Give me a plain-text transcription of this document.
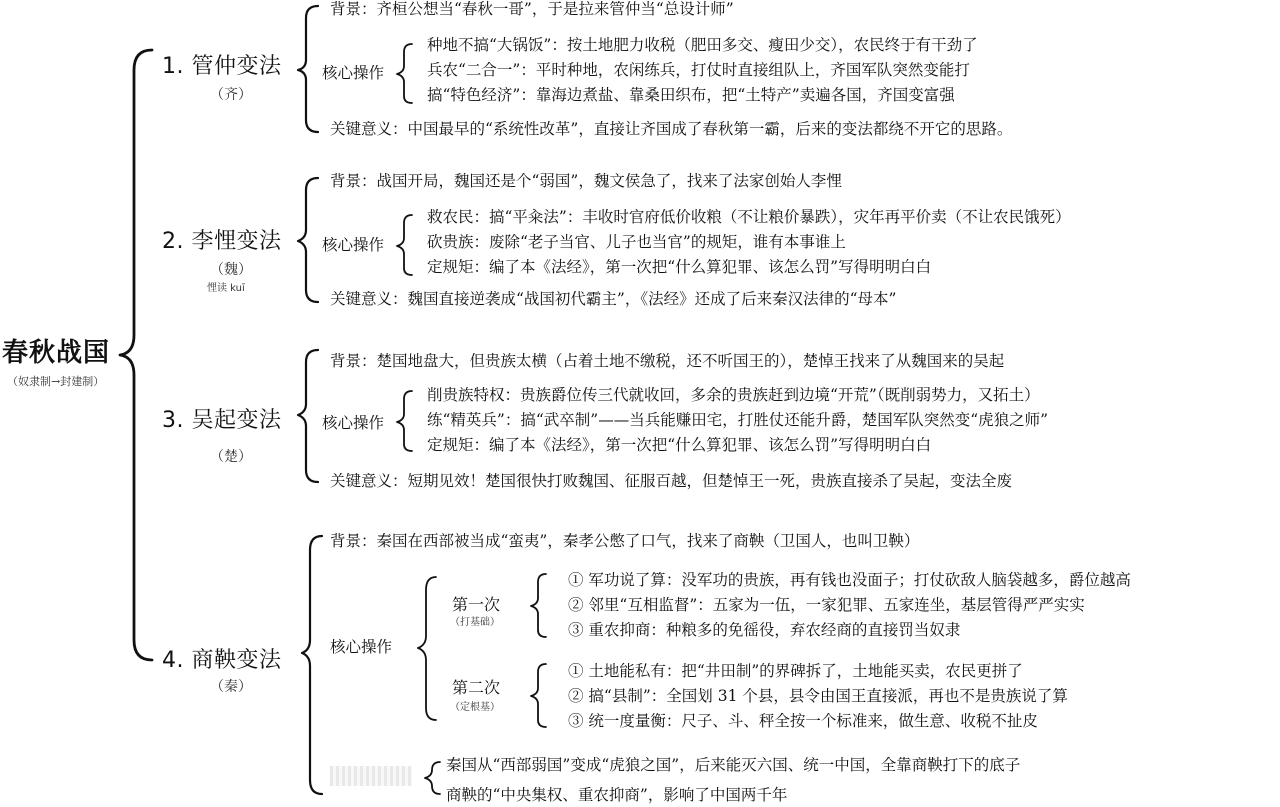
春秋战国
（奴隶制→封建制）
1. 管仲变法
（齐）
背景：齐桓公想当“春秋一哥”，于是拉来管仲当“总设计师”
核心操作
种地不搞“大锅饭”：按土地肥力收税（肥田多交、瘦田少交），农民终于有干劲了
兵农“二合一”：平时种地，农闲练兵，打仗时直接组队上，齐国军队突然变能打
搞“特色经济”：靠海边煮盐、靠桑田织布，把“土特产”卖遍各国，齐国变富强
关键意义：中国最早的“系统性改革”，直接让齐国成了春秋第一霸，后来的变法都绕不开它的思路。
2. 李悝变法
（魏）
悝读 kuī
背景：战国开局，魏国还是个“弱国”，魏文侯急了，找来了法家创始人李悝
核心操作
救农民：搞“平籴法”：丰收时官府低价收粮（不让粮价暴跌），灾年再平价卖（不让农民饿死）
砍贵族：废除“老子当官、儿子也当官”的规矩，谁有本事谁上
定规矩：编了本《法经》，第一次把“什么算犯罪、该怎么罚”写得明明白白
关键意义：魏国直接逆袭成“战国初代霸主”，《法经》还成了后来秦汉法律的“母本”
3. 吴起变法
（楚）
背景：楚国地盘大，但贵族太横（占着土地不缴税，还不听国王的），楚悼王找来了从魏国来的吴起
核心操作
削贵族特权：贵族爵位传三代就收回，多余的贵族赶到边境“开荒”（既削弱势力，又拓土）
练“精英兵”：搞“武卒制”——当兵能赚田宅，打胜仗还能升爵，楚国军队突然变“虎狼之师”
定规矩：编了本《法经》，第一次把“什么算犯罪、该怎么罚”写得明明白白
关键意义：短期见效！楚国很快打败魏国、征服百越，但楚悼王一死，贵族直接杀了吴起，变法全废
4. 商鞅变法
（秦）
背景：秦国在西部被当成“蛮夷”，秦孝公憋了口气，找来了商鞅（卫国人，也叫卫鞅）
核心操作
第一次
（打基础）
① 军功说了算：没军功的贵族，再有钱也没面子；打仗砍敌人脑袋越多，爵位越高
② 邻里“互相监督”：五家为一伍，一家犯罪、五家连坐，基层管得严严实实
③ 重农抑商：种粮多的免徭役，弃农经商的直接罚当奴隶
第二次
（定根基）
① 土地能私有：把“井田制”的界碑拆了，土地能买卖，农民更拼了
② 搞“县制”：全国划 31 个县，县令由国王直接派，再也不是贵族说了算
③ 统一度量衡：尺子、斗、秤全按一个标准来，做生意、收税不扯皮
秦国从“西部弱国”变成“虎狼之国”，后来能灭六国、统一中国，全靠商鞅打下的底子
商鞅的“中央集权、重农抑商”，影响了中国两千年
